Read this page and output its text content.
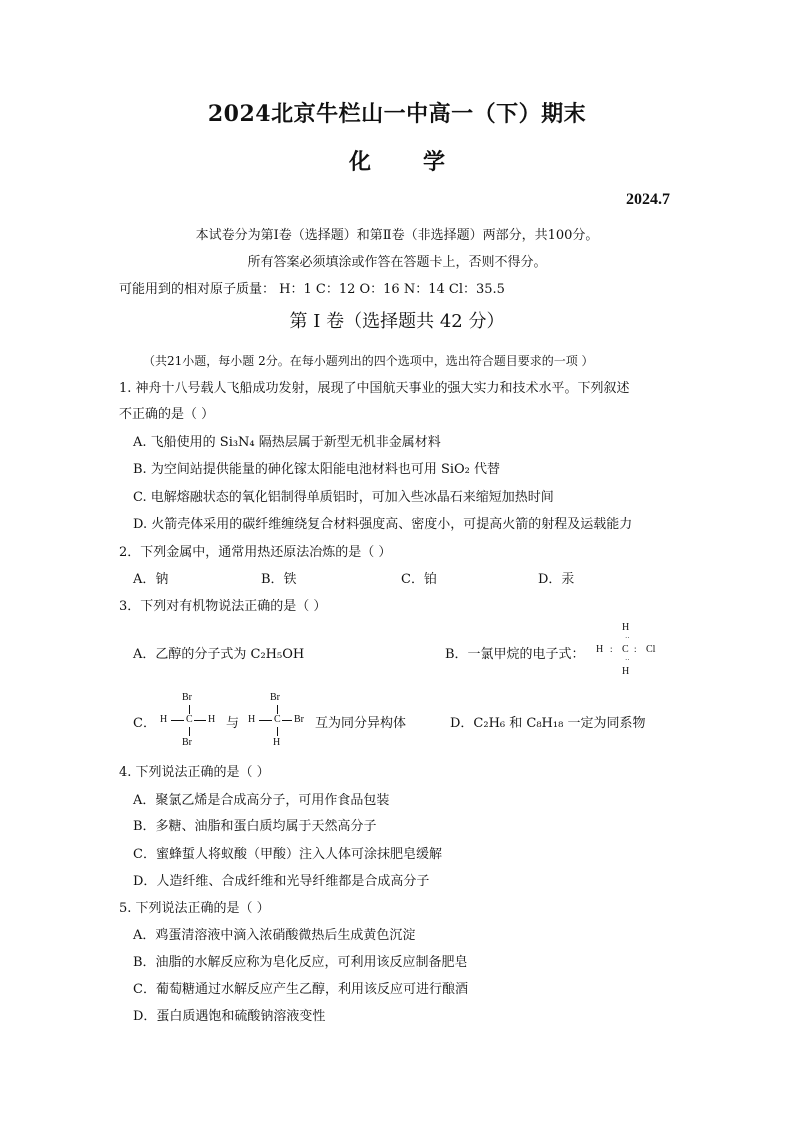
2024北京牛栏山一中高一（下）期末
化 学
2024.7
本试卷分为第Ⅰ卷（选择题）和第Ⅱ卷（非选择题）两部分，共100分。
所有答案必须填涂或作答在答题卡上，否则不得分。
可能用到的相对原子质量： H：1 C：12 O：16 N：14 Cl：35.5
第 Ⅰ 卷（选择题共 42 分）
（共21小题，每小题 2分。在每小题列出的四个选项中，选出符合题目要求的一项 ）
1. 神舟十八号载人飞船成功发射，展现了中国航天事业的强大实力和技术水平。下列叙述
不正确的是（ ）
A. 飞船使用的 Si₃N₄ 隔热层属于新型无机非金属材料
B. 为空间站提供能量的砷化镓太阳能电池材料也可用 SiO₂ 代替
C. 电解熔融状态的氧化铝制得单质铝时，可加入些冰晶石来缩短加热时间
D. 火箭壳体采用的碳纤维缠绕复合材料强度高、密度小，可提高火箭的射程及运载能力
2．下列金属中，通常用热还原法冶炼的是（ ）
A．钠	B．铁	C．铂	D．汞
3．下列对有机物说法正确的是（ ）
A．乙醇的分子式为 C₂H₅OH	B．一氯甲烷的电子式：
H
··
H : C : Cl
··
H
C．
Br
H C H
Br
与
Br
H C Br
H
互为同分异构体	D．C₂H₆ 和 C₈H₁₈ 一定为同系物
4. 下列说法正确的是（ ）
A．聚氯乙烯是合成高分子，可用作食品包装
B．多糖、油脂和蛋白质均属于天然高分子
C．蜜蜂蜇人将蚁酸（甲酸）注入人体可涂抹肥皂缓解
D．人造纤维、合成纤维和光导纤维都是合成高分子
5. 下列说法正确的是（ ）
A．鸡蛋清溶液中滴入浓硝酸微热后生成黄色沉淀
B．油脂的水解反应称为皂化反应，可利用该反应制备肥皂
C．葡萄糖通过水解反应产生乙醇，利用该反应可进行酿酒
D．蛋白质遇饱和硫酸钠溶液变性
